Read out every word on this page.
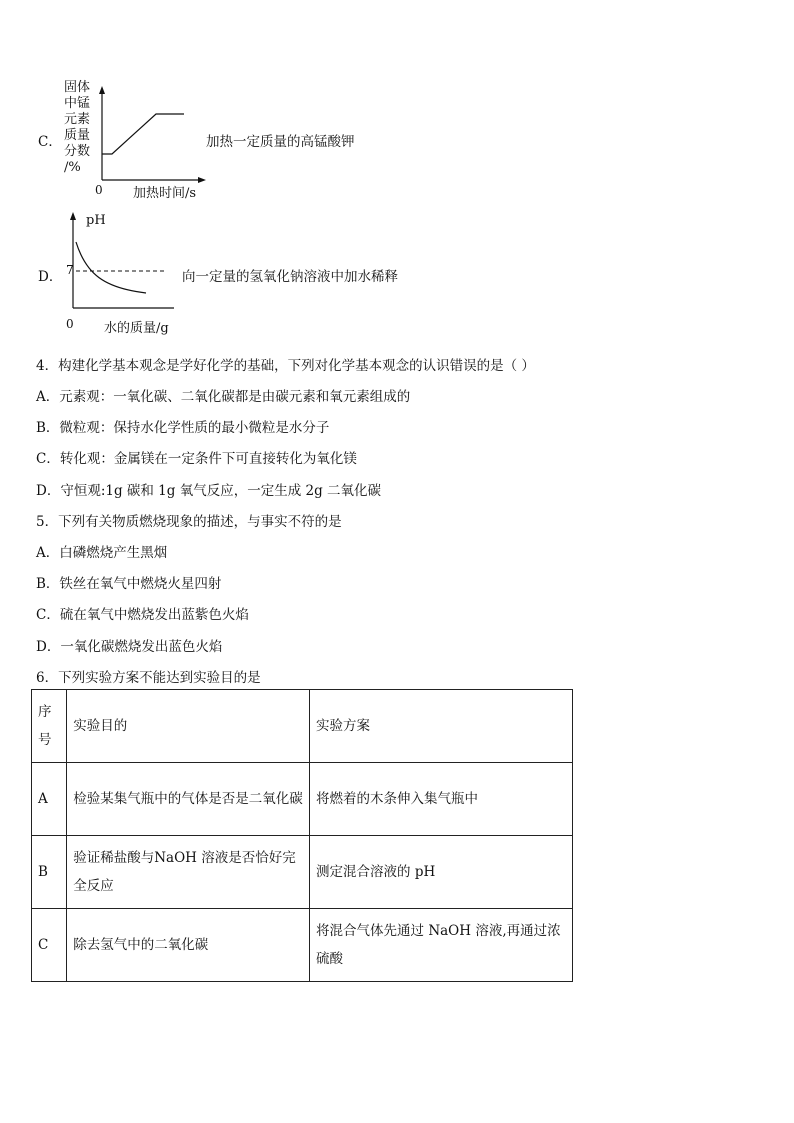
C．
固体
中锰
元素
质量
分数
/%
0 加热时间/s
加热一定质量的高锰酸钾
D．
pH
7
0 水的质量/g
向一定量的氢氧化钠溶液中加水稀释
4．构建化学基本观念是学好化学的基础，下列对化学基本观念的认识错误的是（ ）
A．元素观：一氧化碳、二氧化碳都是由碳元素和氧元素组成的
B．微粒观：保持水化学性质的最小微粒是水分子
C．转化观：金属镁在一定条件下可直接转化为氧化镁
D．守恒观:1g 碳和 1g 氧气反应，一定生成 2g 二氧化碳
5．下列有关物质燃烧现象的描述，与事实不符的是
A．白磷燃烧产生黑烟
B．铁丝在氧气中燃烧火星四射
C．硫在氧气中燃烧发出蓝紫色火焰
D．一氧化碳燃烧发出蓝色火焰
6．下列实验方案不能达到实验目的是
序号	实验目的	实验方案
A	检验某集气瓶中的气体是否是二氧化碳	将燃着的木条伸入集气瓶中
B	验证稀盐酸与NaOH 溶液是否恰好完全反应	测定混合溶液的 pH
C	除去氢气中的二氧化碳	将混合气体先通过 NaOH 溶液,再通过浓硫酸
